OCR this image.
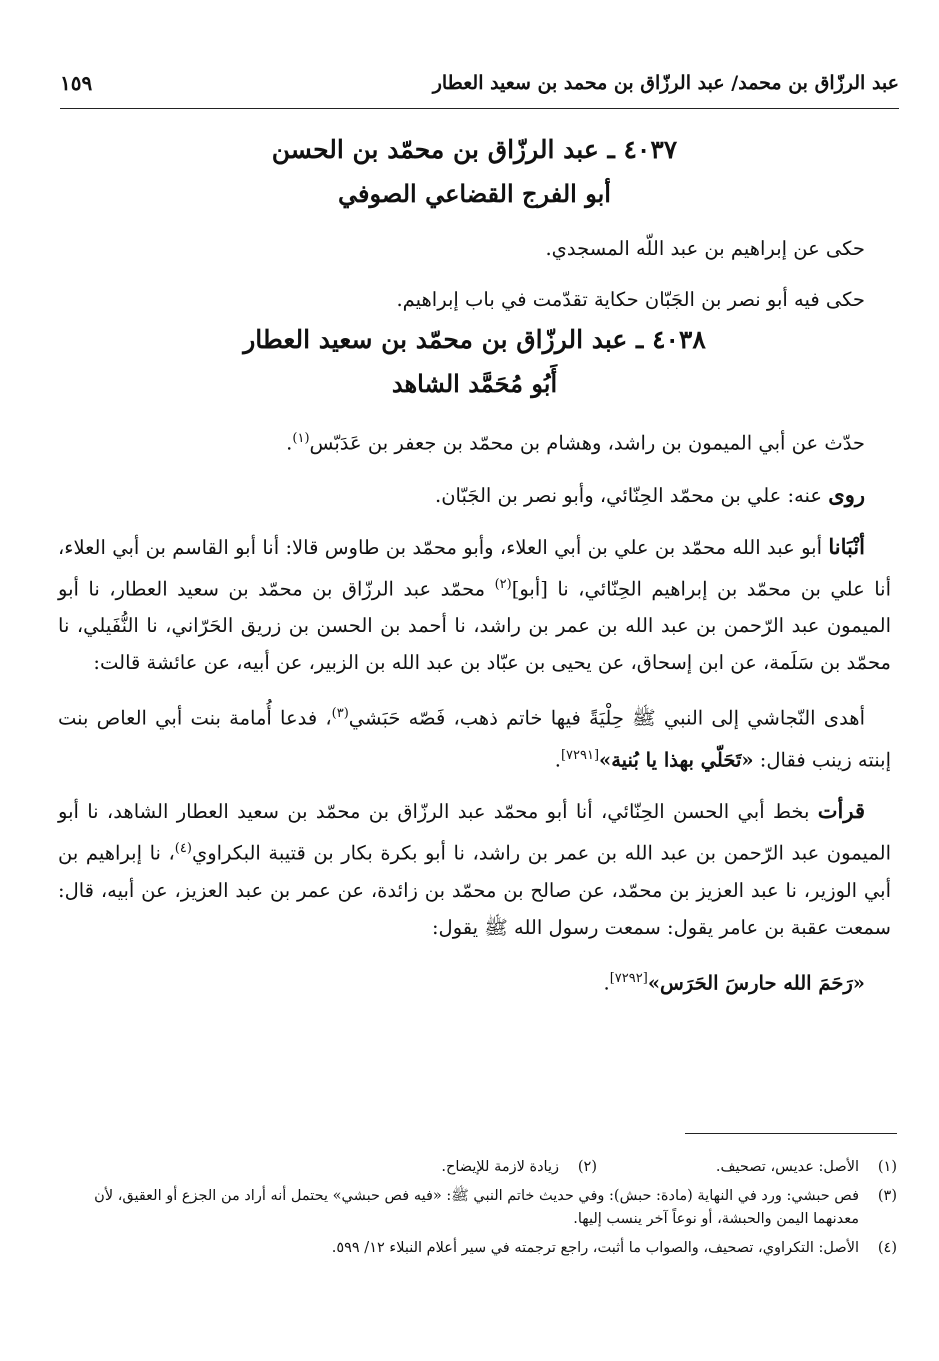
عبد الرزّاق بن محمد/ عبد الرزّاق بن محمد بن سعيد العطار
١٥٩
٤٠٣٧ ـ عبد الرزّاق بن محمّد بن الحسن
أبو الفرج القضاعي الصوفي

حكى عن إبراهيم بن عبد اللّه المسجدي.

حكى فيه أبو نصر بن الجَبّان حكاية تقدّمت في باب إبراهيم.

٤٠٣٨ ـ عبد الرزّاق بن محمّد بن سعيد العطار
أَبُو مُحَمَّد الشاهد

حدّث عن أبي الميمون بن راشد، وهشام بن محمّد بن جعفر بن عَدَبّس$^{(١)}$.

روى عنه: علي بن محمّد الحِنّائي، وأبو نصر بن الجَبّان.

أنْبَانا أبو عبد الله محمّد بن علي بن أبي العلاء، وأبو محمّد بن طاوس قالا: أنا أبو القاسم بن أبي العلاء، أنا علي بن محمّد بن إبراهيم الحِنّائي، نا [أبو]$^{(٢)}$ محمّد عبد الرزّاق بن محمّد بن سعيد العطار، نا أبو الميمون عبد الرّحمن بن عبد الله بن عمر بن راشد، نا أحمد بن الحسن بن زريق الحَرّاني، نا النُّفَيلي، نا محمّد بن سَلَمة، عن ابن إسحاق، عن يحيى بن عبّاد بن عبد الله بن الزبير، عن أبيه، عن عائشة قالت:

أهدى النّجاشي إلى النبي ﷺ حِلْيَةً فيها خاتم ذهب، فَصّه حَبَشي$^{(٣)}$، فدعا أُمامة بنت أبي العاص بنت إبنته زينب فقال: «تَحَلّي بهذا يا بُنية»[٧٢٩١].

قرأت بخط أبي الحسن الحِنّائي، أنا أبو محمّد عبد الرزّاق بن محمّد بن سعيد العطار الشاهد، نا أبو الميمون عبد الرّحمن بن عبد الله بن عمر بن راشد، نا أبو بكرة بكار بن قتيبة البكراوي$^{(٤)}$، نا إبراهيم بن أبي الوزير، نا عبد العزيز بن محمّد، عن صالح بن محمّد بن زائدة، عن عمر بن عبد العزيز، عن أبيه، قال: سمعت عقبة بن عامر يقول: سمعت رسول الله ﷺ يقول:

«رَحَمَ الله حارسَ الحَرَس»[٧٢٩٢].

(١)
الأصل: عديس، تصحيف.
(٢)
زيادة لازمة للإيضاح.
(٣)
فص حبشي: ورد في النهاية (مادة: حبش): وفي حديث خاتم النبي ﷺ: «فيه فص حبشي» يحتمل أنه أراد من الجزع أو العقيق، لأن معدنهما اليمن والحبشة، أو نوعاً آخر ينسب إليها.
(٤)
الأصل: التكراوي، تصحيف، والصواب ما أثبت، راجع ترجمته في سير أعلام النبلاء ١٢/ ٥٩٩.
